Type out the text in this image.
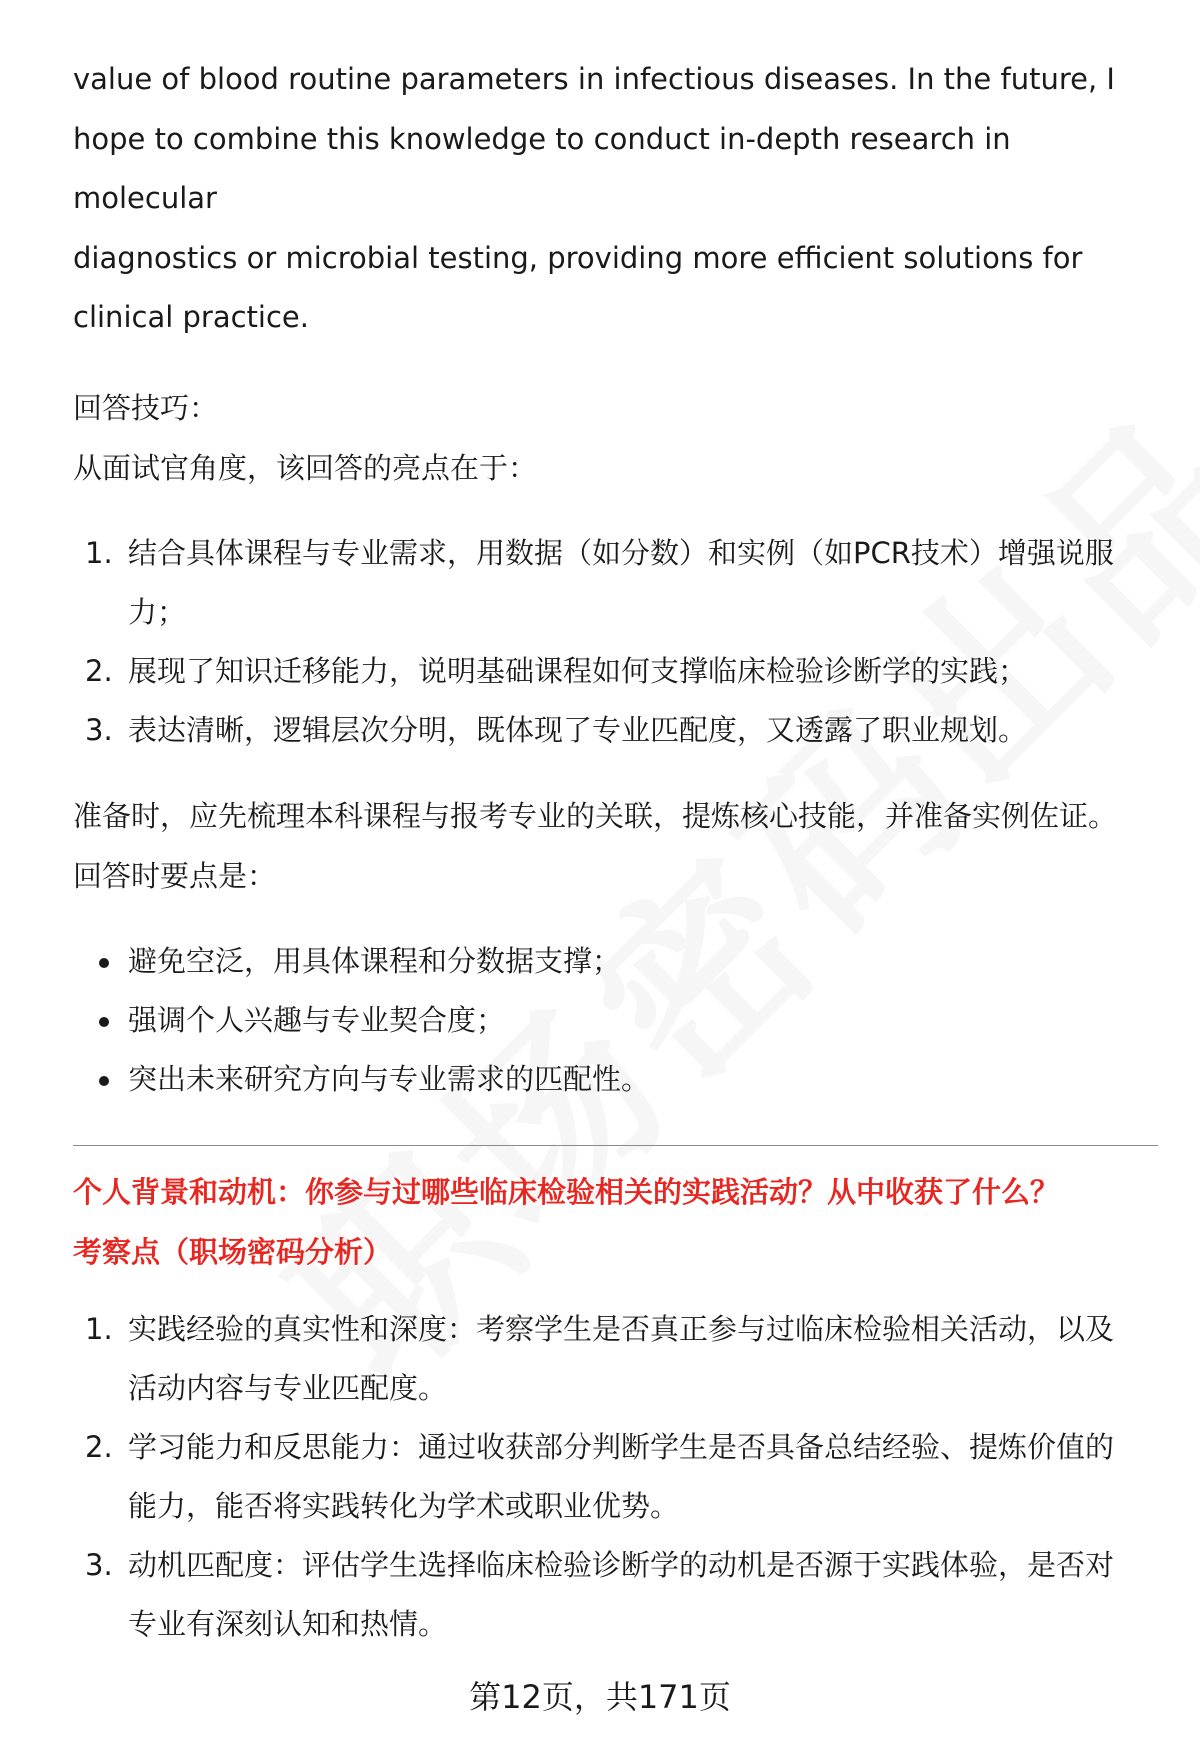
value of blood routine parameters in infectious diseases. In the future, I

hope to combine this knowledge to conduct in-depth research in molecular

diagnostics or microbial testing, providing more efficient solutions for

clinical practice.

回答技巧：

从面试官角度，该回答的亮点在于：

1. 结合具体课程与专业需求，用数据（如分数）和实例（如PCR技术）增强说服
力；
2. 展现了知识迁移能力，说明基础课程如何支撑临床检验诊断学的实践；
3. 表达清晰，逻辑层次分明，既体现了专业匹配度，又透露了职业规划。

准备时，应先梳理本科课程与报考专业的关联，提炼核心技能，并准备实例佐证。

回答时要点是：

避免空泛，用具体课程和分数据支撑；
强调个人兴趣与专业契合度；
突出未来研究方向与专业需求的匹配性。

个人背景和动机：你参与过哪些临床检验相关的实践活动？从中收获了什么？

考察点（职场密码分析）

1. 实践经验的真实性和深度：考察学生是否真正参与过临床检验相关活动，以及
活动内容与专业匹配度。
2. 学习能力和反思能力：通过收获部分判断学生是否具备总结经验、提炼价值的
能力，能否将实践转化为学术或职业优势。
3. 动机匹配度：评估学生选择临床检验诊断学的动机是否源于实践体验，是否对
专业有深刻认知和热情。
第12页，共171页
